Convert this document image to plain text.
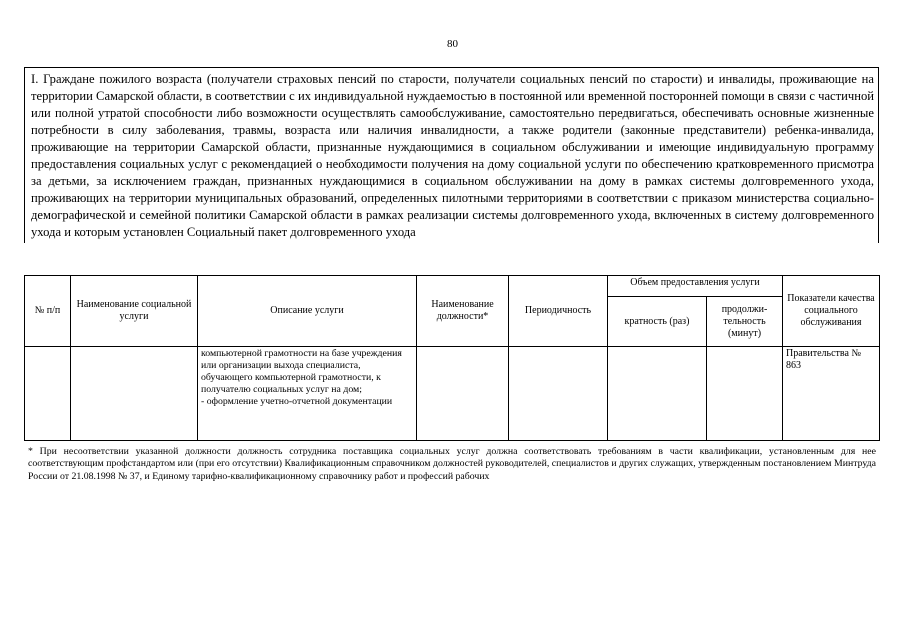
80
I. Граждане пожилого возраста (получатели страховых пенсий по старости, получатели социальных пенсий по старости) и инвалиды, проживающие на территории Самарской области, в соответствии с их индивидуальной нуждаемостью в постоянной или временной посторонней помощи в связи с частичной или полной утратой способности либо возможности осуществлять самообслуживание, самостоятельно передвигаться, обеспечивать основные жизненные потребности в силу заболевания, травмы, возраста или наличия инвалидности, а также родители (законные представители) ребенка-инвалида, проживающие на территории Самарской области, признанные нуждающимися в социальном обслуживании и имеющие индивидуальную программу предоставления социальных услуг с рекомендацией о необходимости получения на дому социальной услуги по обеспечению кратковременного присмотра за детьми, за исключением граждан, признанных нуждающимися в социальном обслуживании на дому в рамках системы долговременного ухода, проживающих на территории муниципальных образований, определенных пилотными территориями в соответствии с приказом министерства социально-демографической и семейной политики Самарской области в рамках реализации системы долговременного ухода, включенных в систему долговременного ухода и которым установлен Социальный пакет долговременного ухода
№ п/п	Наименование социальной услуги	Описание услуги	Наименование должности*	Периодичность	Объем предоставления услуги		Показатели качества социального обслуживания
					кратность (раз)	продолжи-тельность (минут)	
		компьютерной грамотности на базе учреждения или организации выхода специалиста, обучающего компьютерной грамотности, к получателю социальных услуг на дом;
- оформление учетно-отчетной документации					Правительства № 863
* При несоответствии указанной должности должность сотрудника поставщика социальных услуг должна соответствовать требованиям в части квалификации, установленным для нее соответствующим профстандартом или (при его отсутствии) Квалификационным справочником должностей руководителей, специалистов и других служащих, утвержденным постановлением Минтруда России от 21.08.1998 № 37, и Единому тарифно-квалификационному справочнику работ и профессий рабочих
